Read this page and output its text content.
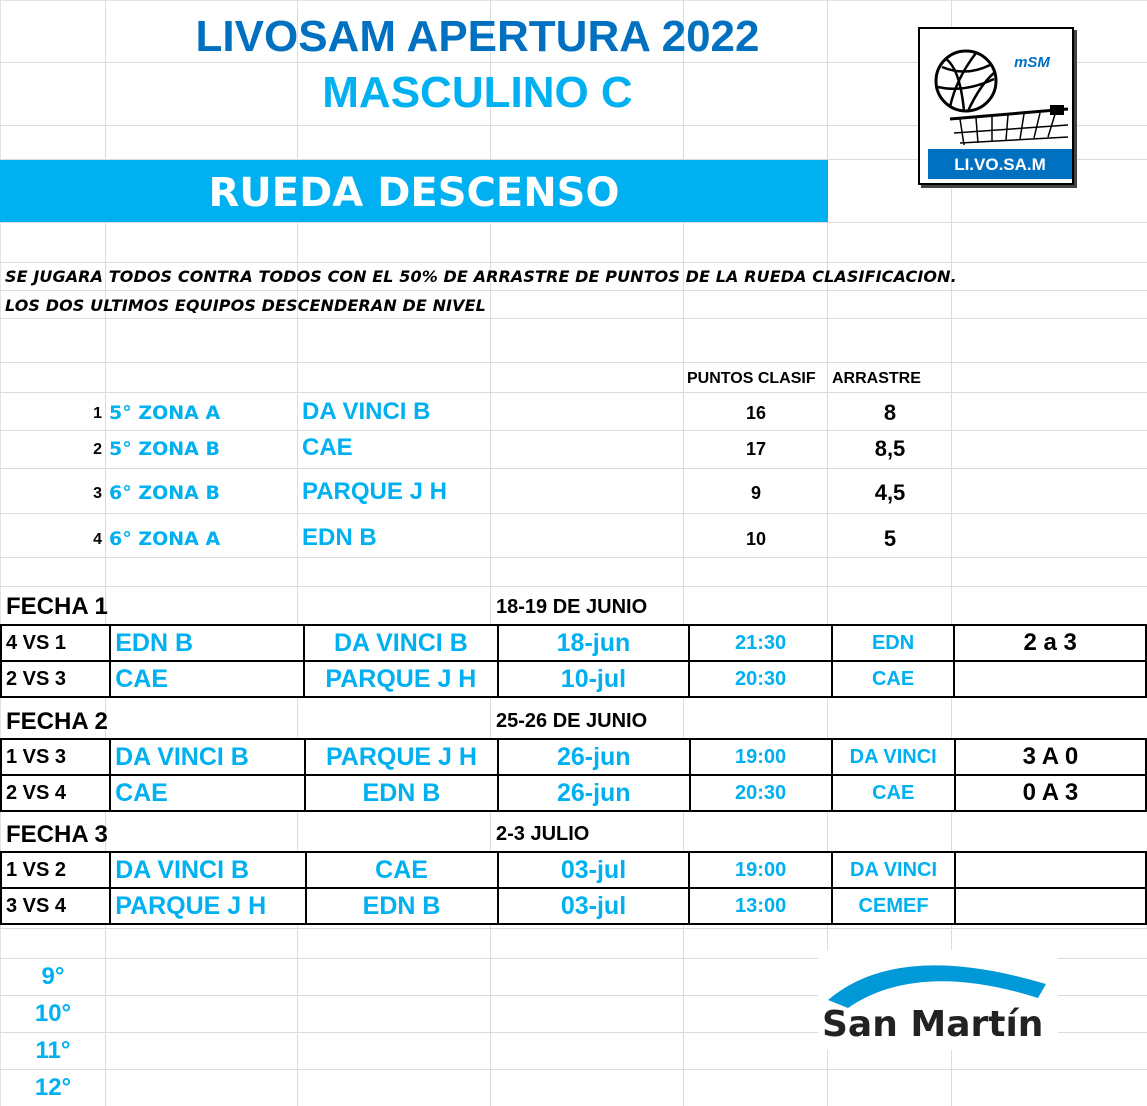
LIVOSAM APERTURA 2022
MASCULINO C
RUEDA DESCENSO
mSM
LI.VO.SA.M
SE JUGARA TODOS CONTRA TODOS CON EL 50% DE ARRASTRE DE PUNTOS DE LA RUEDA CLASIFICACION.
LOS DOS ULTIMOS EQUIPOS DESCENDERAN DE NIVEL
PUNTOS CLASIF ARRASTRE
1 5° ZONA A	DA VINCI B	16	8
2 5° ZONA B	CAE	17	8,5
3 6° ZONA B	PARQUE J H	9	4,5
4 6° ZONA A	EDN B	10	5
FECHA 1	18-19 DE JUNIO
4 VS 1	EDN B	DA VINCI B	18-jun	21:30	EDN	2 a 3
2 VS 3	CAE	PARQUE J H	10-jul	20:30	CAE	
FECHA 2	25-26 DE JUNIO
1 VS 3	DA VINCI B	PARQUE J H	26-jun	19:00	DA VINCI	3 A 0
2 VS 4	CAE	EDN B	26-jun	20:30	CAE	0 A 3
FECHA 3	2-3 JULIO
1 VS 2	DA VINCI B	CAE	03-jul	19:00	DA VINCI	
3 VS 4	PARQUE J H	EDN B	03-jul	13:00	CEMEF	
9°
10°
11°
12°
San Martín
